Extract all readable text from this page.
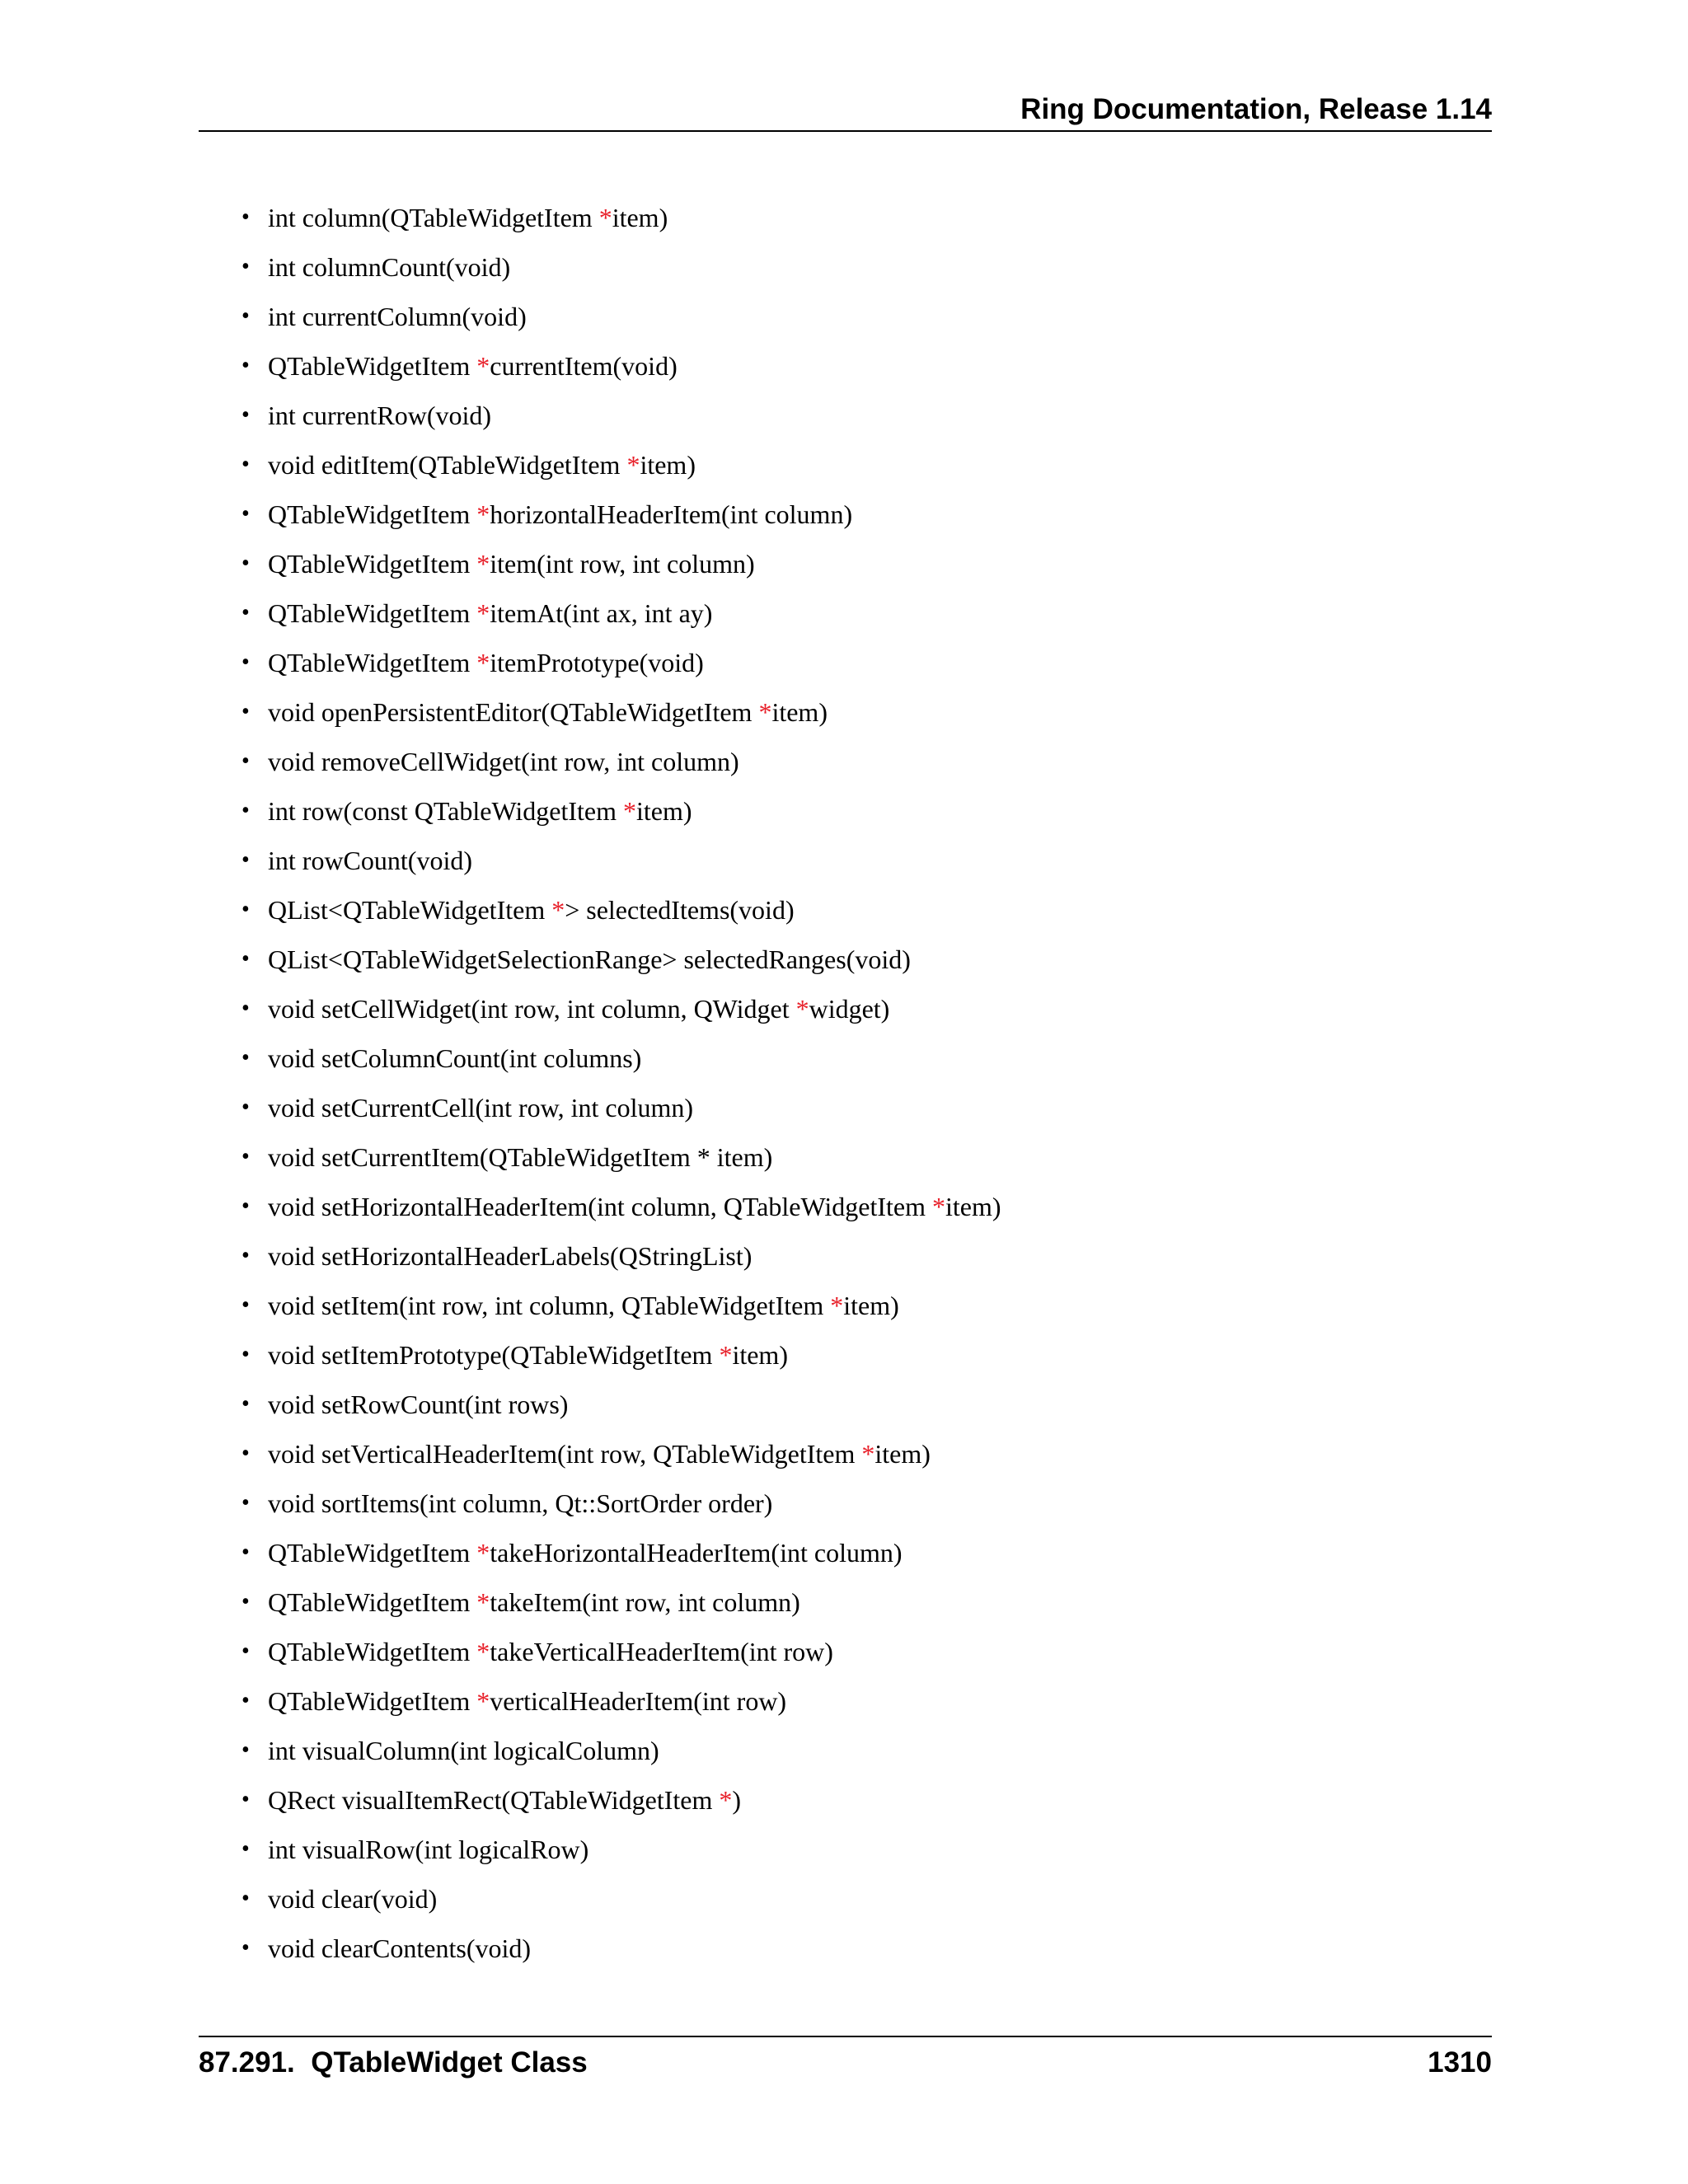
Ring Documentation, Release 1.14
• int column(QTableWidgetItem *item)
• int columnCount(void)
• int currentColumn(void)
• QTableWidgetItem *currentItem(void)
• int currentRow(void)
• void editItem(QTableWidgetItem *item)
• QTableWidgetItem *horizontalHeaderItem(int column)
• QTableWidgetItem *item(int row, int column)
• QTableWidgetItem *itemAt(int ax, int ay)
• QTableWidgetItem *itemPrototype(void)
• void openPersistentEditor(QTableWidgetItem *item)
• void removeCellWidget(int row, int column)
• int row(const QTableWidgetItem *item)
• int rowCount(void)
• QList<QTableWidgetItem *> selectedItems(void)
• QList<QTableWidgetSelectionRange> selectedRanges(void)
• void setCellWidget(int row, int column, QWidget *widget)
• void setColumnCount(int columns)
• void setCurrentCell(int row, int column)
• void setCurrentItem(QTableWidgetItem * item)
• void setHorizontalHeaderItem(int column, QTableWidgetItem *item)
• void setHorizontalHeaderLabels(QStringList)
• void setItem(int row, int column, QTableWidgetItem *item)
• void setItemPrototype(QTableWidgetItem *item)
• void setRowCount(int rows)
• void setVerticalHeaderItem(int row, QTableWidgetItem *item)
• void sortItems(int column, Qt::SortOrder order)
• QTableWidgetItem *takeHorizontalHeaderItem(int column)
• QTableWidgetItem *takeItem(int row, int column)
• QTableWidgetItem *takeVerticalHeaderItem(int row)
• QTableWidgetItem *verticalHeaderItem(int row)
• int visualColumn(int logicalColumn)
• QRect visualItemRect(QTableWidgetItem *)
• int visualRow(int logicalRow)
• void clear(void)
• void clearContents(void)
87.291.  QTableWidget Class	1310
